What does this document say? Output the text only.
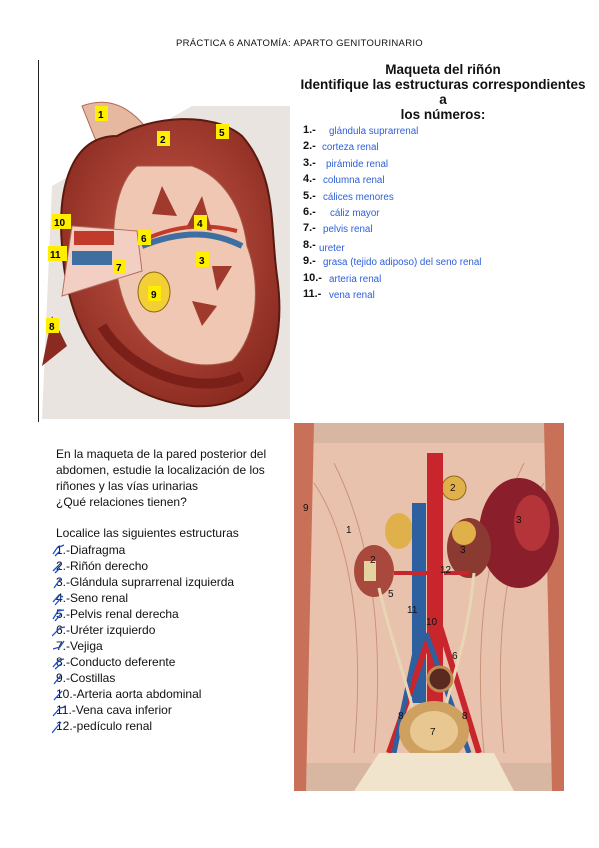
PRÁCTICA 6 ANATOMÍA: APARTO GENITOURINARIO
1
2
3
4
5
6
7
8
9
10
11
Maqueta del riñón
Identifique las estructuras correspondientes a
los números:
1.- glándula suprarrenal
2.- corteza renal
3.- pirámide renal
4.- columna renal
5.- cálices menores
6.- cáliz mayor
7.- pelvis renal
8.- ureter
9.- grasa (tejido adiposo) del seno renal
10.- arteria renal
11.- vena renal

En la maqueta de la pared posterior del

abdomen, estudie la localización de los

riñones y las vías urinarias

¿Qué relaciones tienen?

Localice las siguientes estructuras
1.-Diafragma
2.-Riñón derecho
3.-Glándula suprarrenal izquierda
4.-Seno renal
5.-Pelvis renal derecha
6.-Uréter izquierdo
7.-Vejiga
8.-Conducto deferente
9.-Costillas
10.-Arteria aorta abdominal
11.-Vena cava inferior
12.-pedículo renal
9
1
2
2
3
12
3
5
11
10
6
8	8
7
